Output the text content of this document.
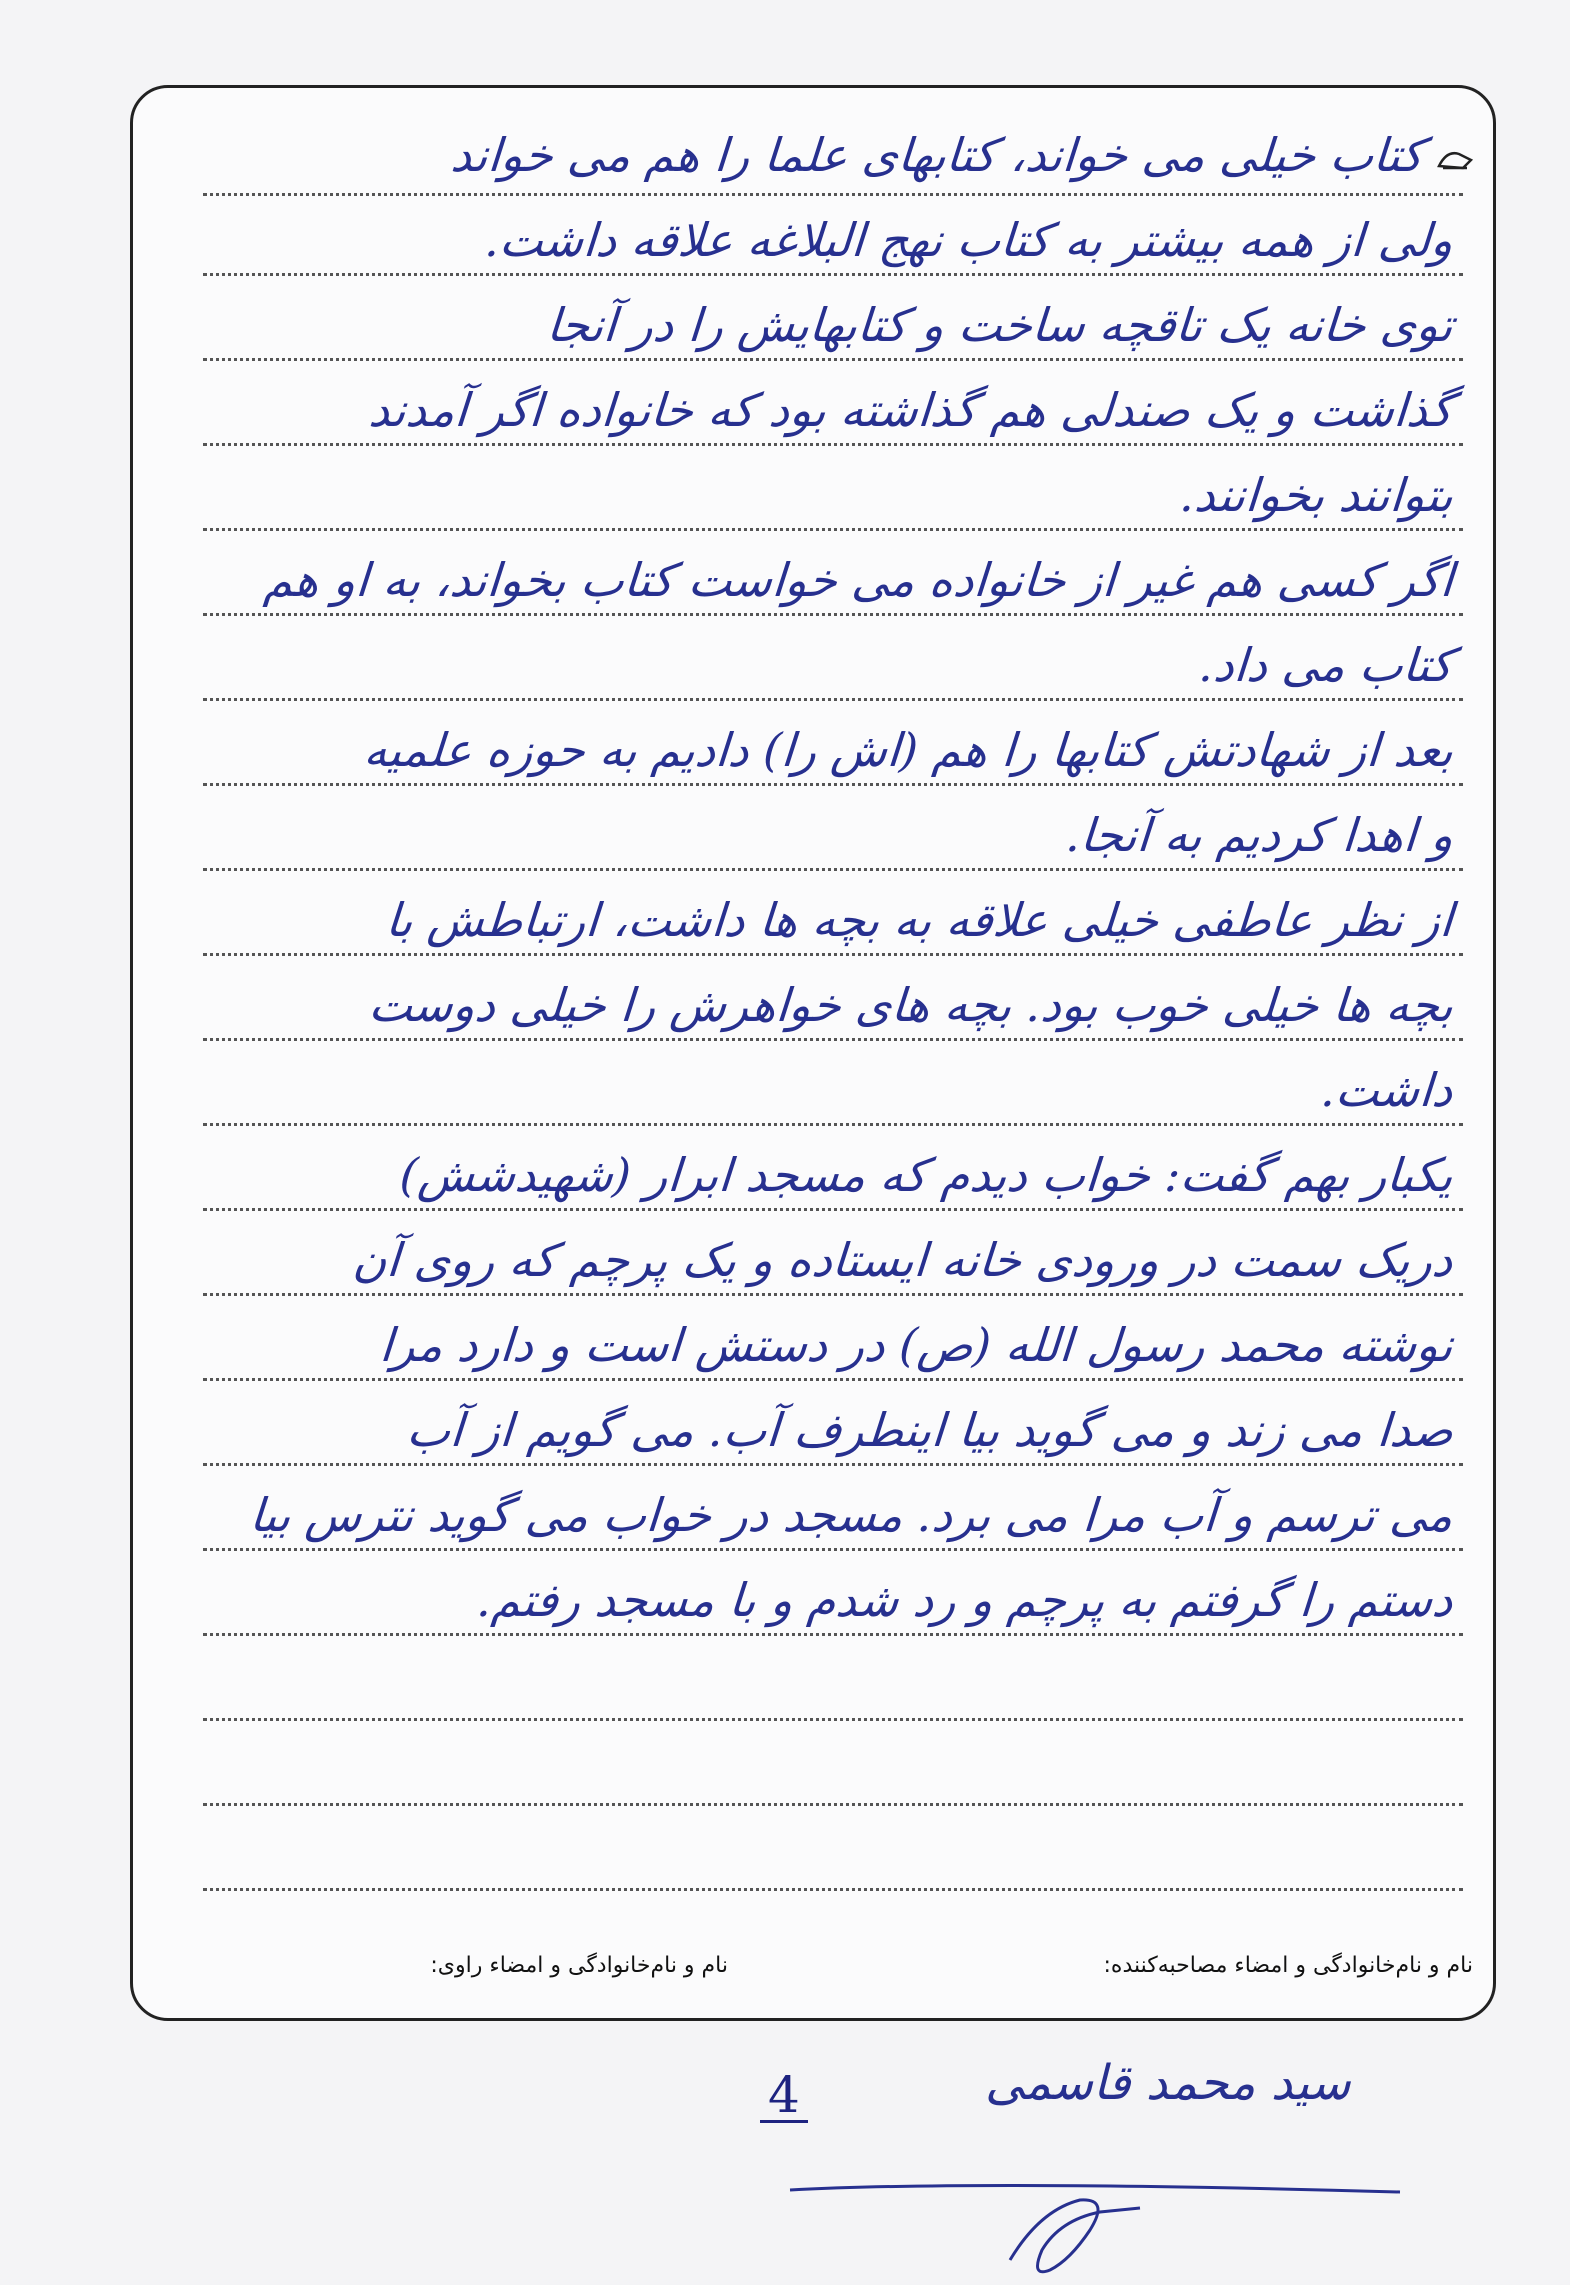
کتاب خیلی می خواند، کتابهای علما را هم می خواند
ولی از همه بیشتر به کتاب نهج البلاغه علاقه داشت.
توی خانه یک تاقچه ساخت و کتابهایش را در آنجا
گذاشت و یک صندلی هم گذاشته بود که خانواده اگر آمدند
بتوانند بخوانند.
اگر کسی هم غیر از خانواده می خواست کتاب بخواند، به او هم
کتاب می داد.
بعد از شهادتش کتابها را هم (اش را) دادیم به حوزه علمیه
و اهدا کردیم به آنجا.
از نظر عاطفی خیلی علاقه به بچه ها داشت، ارتباطش با
بچه ها خیلی خوب بود. بچه های خواهرش را خیلی دوست
داشت.
یکبار بهم گفت: خواب دیدم که مسجد ابرار (شهیدشش)
دریک سمت در ورودی خانه ایستاده و یک پرچم که روی آن
نوشته محمد رسول الله (ص) در دستش است و دارد مرا
صدا می زند و می گوید بیا اینطرف آب. می گویم از آب
می ترسم و آب مرا می برد. مسجد در خواب می گوید نترس بیا
دستم را گرفتم به پرچم و رد شدم و با مسجد رفتم.
نام و نام‌خانوادگی و امضاء مصاحبه‌کننده:
نام و نام‌خانوادگی و امضاء راوی:
4	سید محمد قاسمی
